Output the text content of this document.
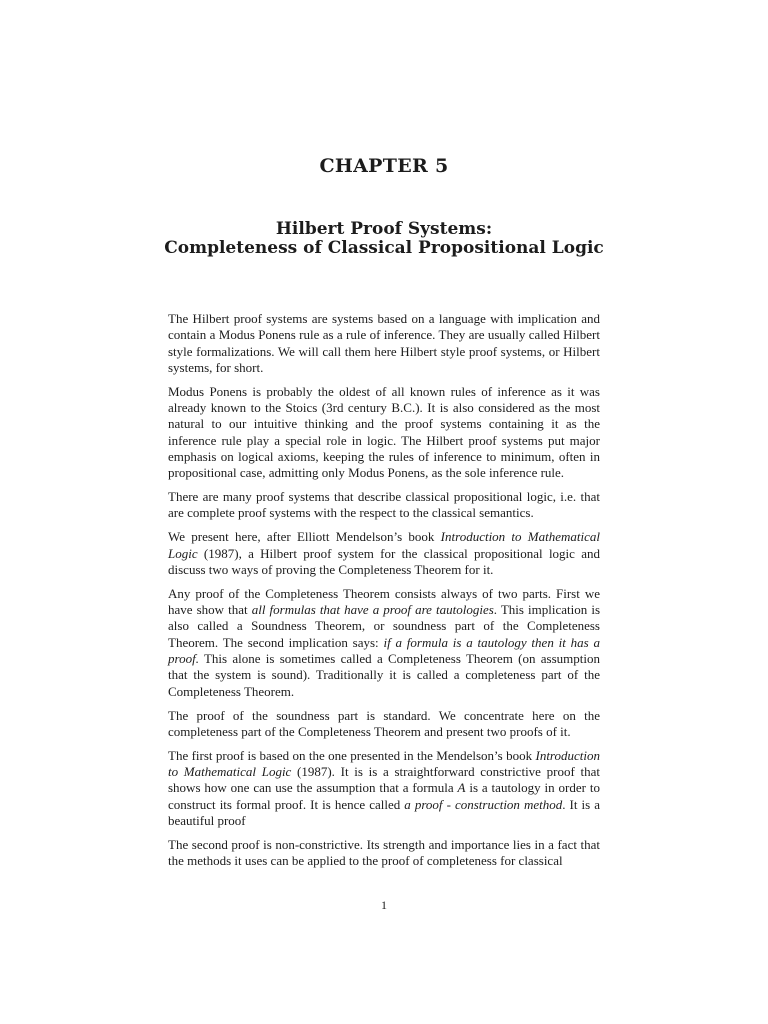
CHAPTER 5
Hilbert Proof Systems:
Completeness of Classical Propositional Logic

The Hilbert proof systems are systems based on a language with implication and contain a Modus Ponens rule as a rule of inference. They are usually called Hilbert style formalizations. We will call them here Hilbert style proof systems, or Hilbert systems, for short.

Modus Ponens is probably the oldest of all known rules of inference as it was already known to the Stoics (3rd century B.C.). It is also considered as the most natural to our intuitive thinking and the proof systems containing it as the inference rule play a special role in logic. The Hilbert proof systems put major emphasis on logical axioms, keeping the rules of inference to minimum, often in propositional case, admitting only Modus Ponens, as the sole inference rule.

There are many proof systems that describe classical propositional logic, i.e. that are complete proof systems with the respect to the classical semantics.

We present here, after Elliott Mendelson’s book Introduction to Mathematical Logic (1987), a Hilbert proof system for the classical propositional logic and discuss two ways of proving the Completeness Theorem for it.

Any proof of the Completeness Theorem consists always of two parts. First we have show that all formulas that have a proof are tautologies. This implication is also called a Soundness Theorem, or soundness part of the Completeness Theorem. The second implication says: if a formula is a tautology then it has a proof. This alone is sometimes called a Completeness Theorem (on assumption that the system is sound). Traditionally it is called a completeness part of the Completeness Theorem.

The proof of the soundness part is standard. We concentrate here on the completeness part of the Completeness Theorem and present two proofs of it.

The first proof is based on the one presented in the Mendelson’s book Introduction to Mathematical Logic (1987). It is is a straightforward constrictive proof that shows how one can use the assumption that a formula A is a tautology in order to construct its formal proof. It is hence called a proof - construction method. It is a beautiful proof

The second proof is non-constrictive. Its strength and importance lies in a fact that the methods it uses can be applied to the proof of completeness for classical

1
